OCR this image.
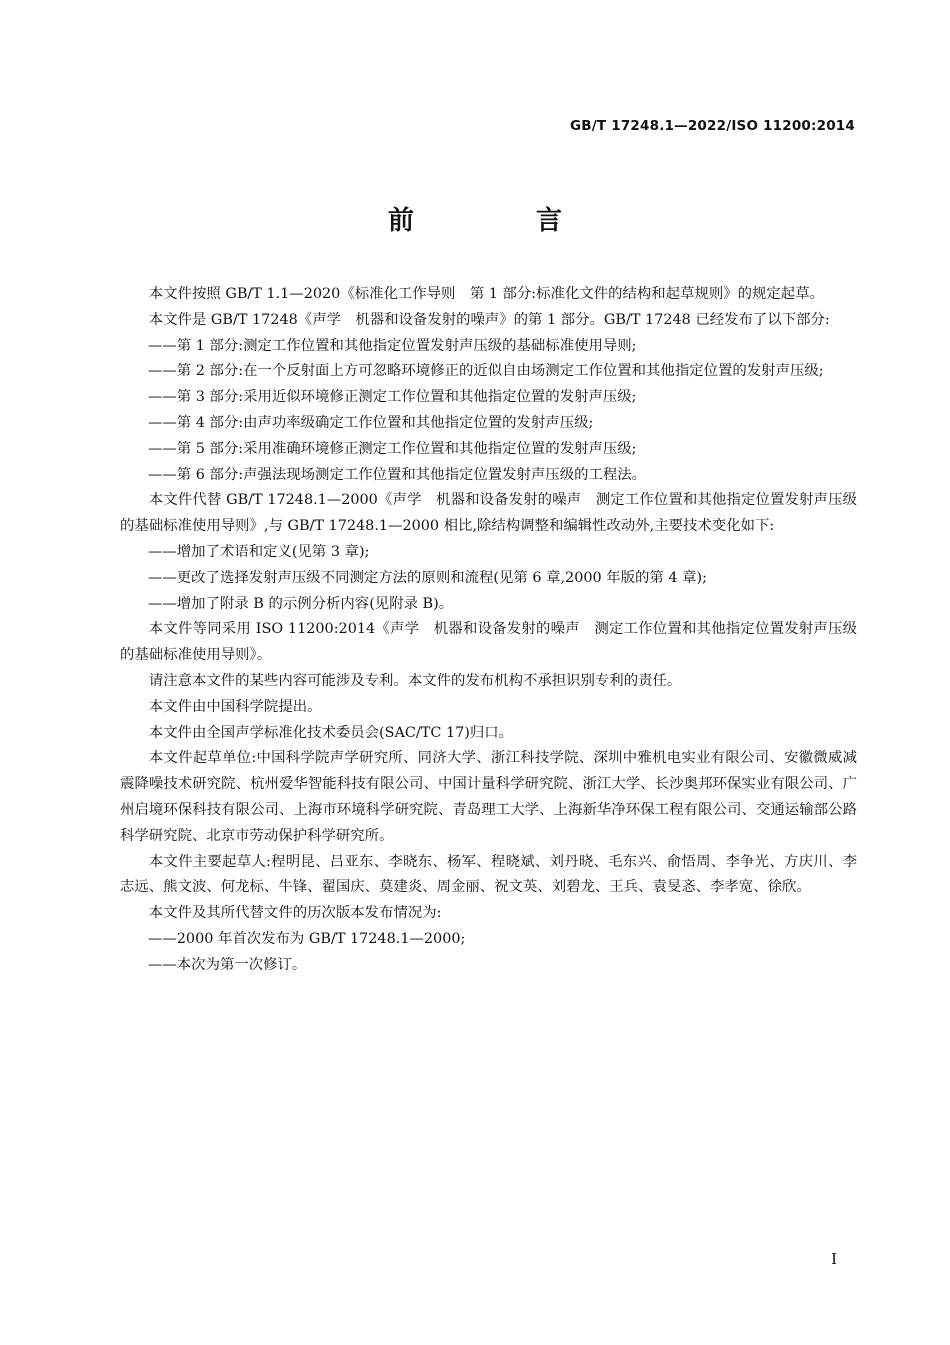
GB/T 17248.1—2022/ISO 11200:2014
前　言

本文件按照 GB/T 1.1—2020《标准化工作导则　第 1 部分:标准化文件的结构和起草规则》的规定起草。

本文件是 GB/T 17248《声学　机器和设备发射的噪声》的第 1 部分。GB/T 17248 已经发布了以下部分:

——第 1 部分:测定工作位置和其他指定位置发射声压级的基础标准使用导则;

——第 2 部分:在一个反射面上方可忽略环境修正的近似自由场测定工作位置和其他指定位置的发射声压级;

——第 3 部分:采用近似环境修正测定工作位置和其他指定位置的发射声压级;

——第 4 部分:由声功率级确定工作位置和其他指定位置的发射声压级;

——第 5 部分:采用准确环境修正测定工作位置和其他指定位置的发射声压级;

——第 6 部分:声强法现场测定工作位置和其他指定位置发射声压级的工程法。

本文件代替 GB/T 17248.1—2000《声学　机器和设备发射的噪声　测定工作位置和其他指定位置发射声压级的基础标准使用导则》,与 GB/T 17248.1—2000 相比,除结构调整和编辑性改动外,主要技术变化如下:

——增加了术语和定义(见第 3 章);

——更改了选择发射声压级不同测定方法的原则和流程(见第 6 章,2000 年版的第 4 章);

——增加了附录 B 的示例分析内容(见附录 B)。

本文件等同采用 ISO 11200:2014《声学　机器和设备发射的噪声　测定工作位置和其他指定位置发射声压级的基础标准使用导则》。

请注意本文件的某些内容可能涉及专利。本文件的发布机构不承担识别专利的责任。

本文件由中国科学院提出。

本文件由全国声学标准化技术委员会(SAC/TC 17)归口。

本文件起草单位:中国科学院声学研究所、同济大学、浙江科技学院、深圳中雅机电实业有限公司、安徽微威减震降噪技术研究院、杭州爱华智能科技有限公司、中国计量科学研究院、浙江大学、长沙奥邦环保实业有限公司、广州启境环保科技有限公司、上海市环境科学研究院、青岛理工大学、上海新华净环保工程有限公司、交通运输部公路科学研究院、北京市劳动保护科学研究所。

本文件主要起草人:程明昆、吕亚东、李晓东、杨军、程晓斌、刘丹晓、毛东兴、俞悟周、李争光、方庆川、李志远、熊文波、何龙标、牛锋、翟国庆、莫建炎、周金丽、祝文英、刘碧龙、王兵、袁旻忞、李孝宽、徐欣。

本文件及其所代替文件的历次版本发布情况为:

——2000 年首次发布为 GB/T 17248.1—2000;

——本次为第一次修订。

I
